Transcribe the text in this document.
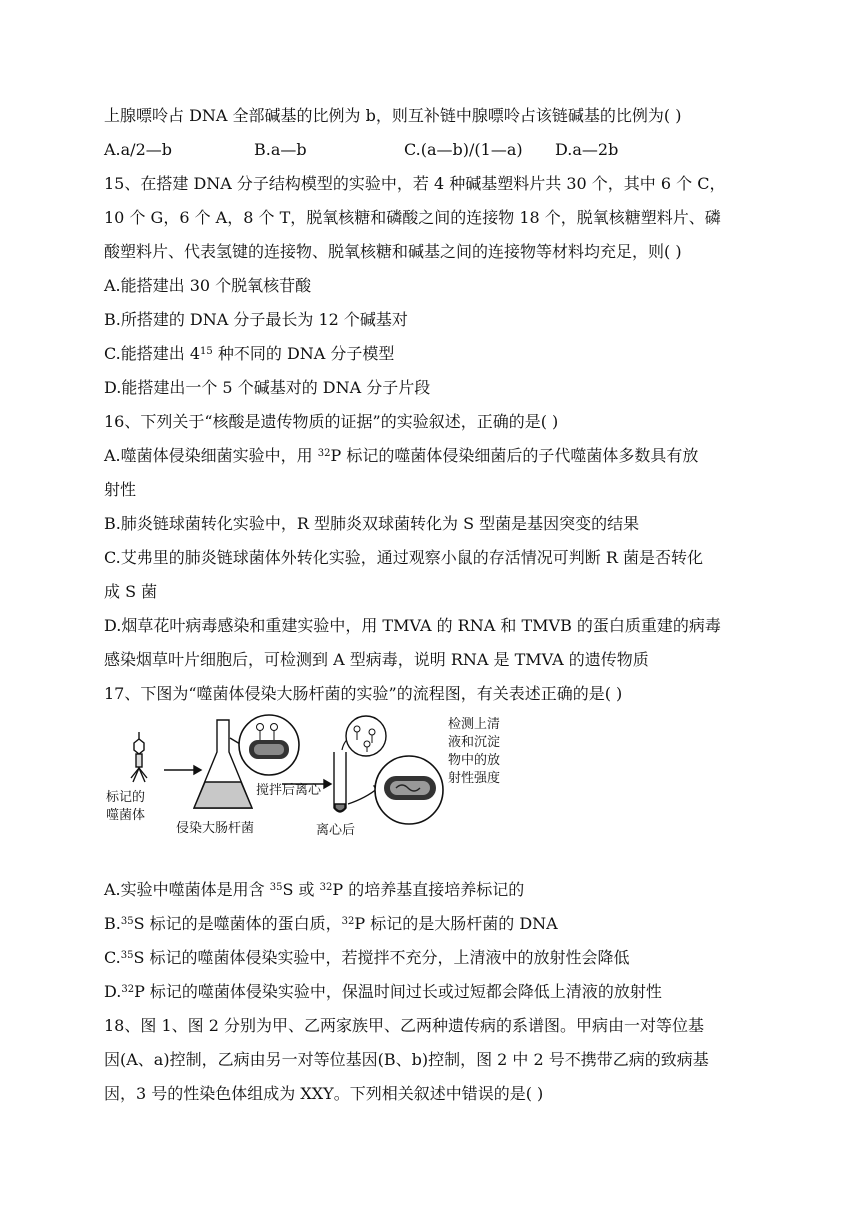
上腺嘌呤占 DNA 全部碱基的比例为 b，则互补链中腺嘌呤占该链碱基的比例为( )
A.a/2—b	B.a—b	C.(a—b)/(1—a) D.a—2b
15、在搭建 DNA 分子结构模型的实验中，若 4 种碱基塑料片共 30 个，其中 6 个 C，
10 个 G，6 个 A，8 个 T，脱氧核糖和磷酸之间的连接物 18 个，脱氧核糖塑料片、磷
酸塑料片、代表氢键的连接物、脱氧核糖和碱基之间的连接物等材料均充足，则( )
A.能搭建出 30 个脱氧核苷酸
B.所搭建的 DNA 分子最长为 12 个碱基对
C.能搭建出 $4^{15}$ 种不同的 DNA 分子模型
D.能搭建出一个 5 个碱基对的 DNA 分子片段
16、下列关于“核酸是遗传物质的证据”的实验叙述，正确的是( )
A.噬菌体侵染细菌实验中，用 $^{32}$P 标记的噬菌体侵染细菌后的子代噬菌体多数具有放
射性
B.肺炎链球菌转化实验中，R 型肺炎双球菌转化为 S 型菌是基因突变的结果
C.艾弗里的肺炎链球菌体外转化实验，通过观察小鼠的存活情况可判断 R 菌是否转化
成 S 菌
D.烟草花叶病毒感染和重建实验中，用 TMVA 的 RNA 和 TMVB 的蛋白质重建的病毒
感染烟草叶片细胞后，可检测到 A 型病毒，说明 RNA 是 TMVA 的遗传物质
17、下图为“噬菌体侵染大肠杆菌的实验”的流程图，有关表述正确的是( )
标记的
噬菌体
侵染大肠杆菌
搅拌后离心
离心后
检测上清
液和沉淀
物中的放
射性强度
A.实验中噬菌体是用含 $^{35}$S 或 $^{32}$P 的培养基直接培养标记的
B.$^{35}$S 标记的是噬菌体的蛋白质，$^{32}$P 标记的是大肠杆菌的 DNA
C.$^{35}$S 标记的噬菌体侵染实验中，若搅拌不充分，上清液中的放射性会降低
D.$^{32}$P 标记的噬菌体侵染实验中，保温时间过长或过短都会降低上清液的放射性
18、图 1、图 2 分别为甲、乙两家族甲、乙两种遗传病的系谱图。甲病由一对等位基
因(A、a)控制，乙病由另一对等位基因(B、b)控制，图 2 中 2 号不携带乙病的致病基
因，3 号的性染色体组成为 XXY。下列相关叙述中错误的是( )
